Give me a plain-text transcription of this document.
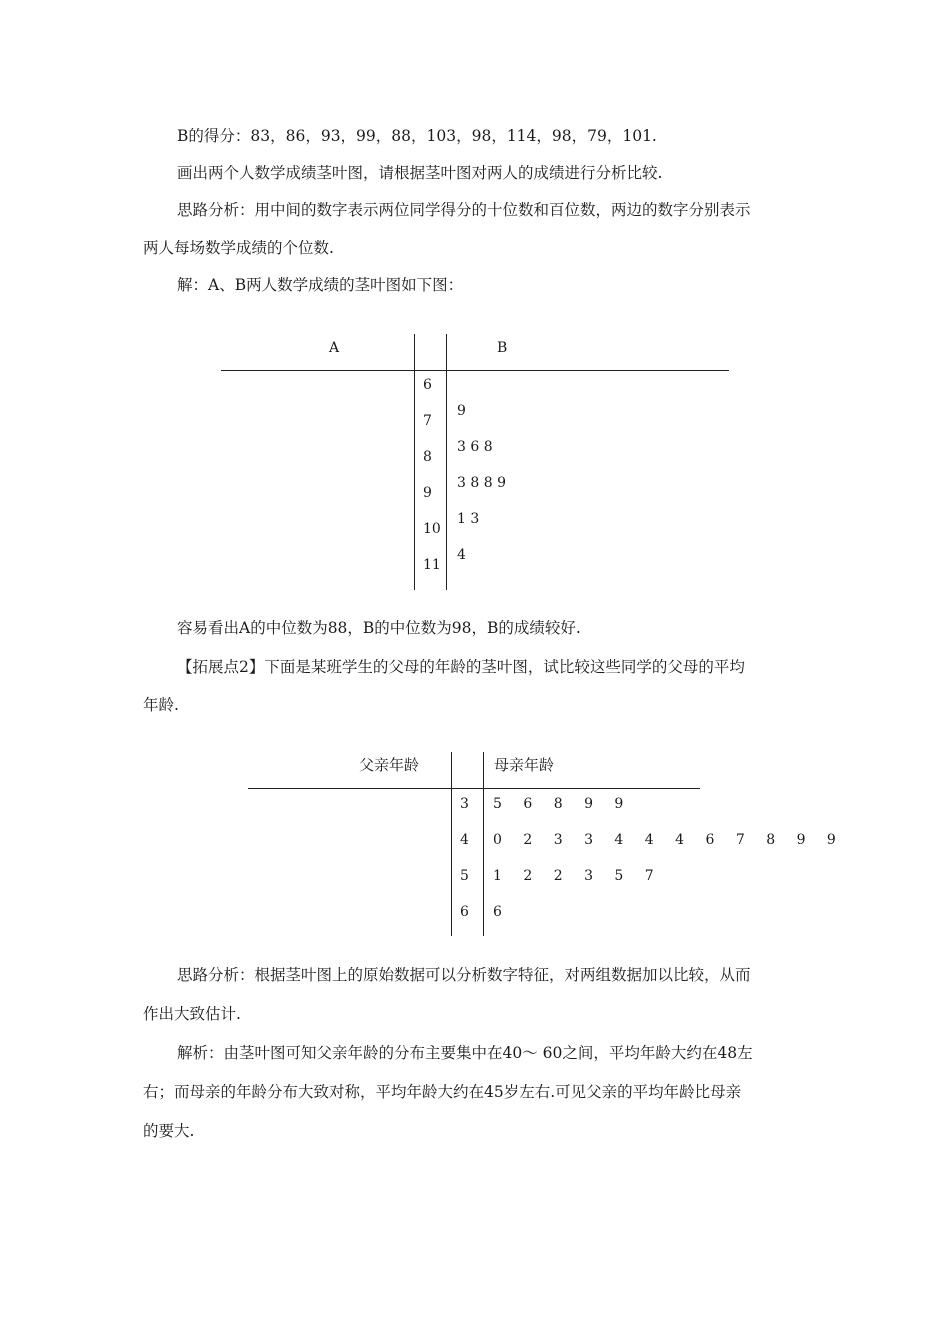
B的得分：83，86，93，99，88，103，98，114，98，79，101.
画出两个人数学成绩茎叶图，请根据茎叶图对两人的成绩进行分析比较.
思路分析：用中间的数字表示两位同学得分的十位数和百位数，两边的数字分别表示
两人每场数学成绩的个位数.
解：A、B两人数学成绩的茎叶图如下图：
A	B
6
7
8
9
10
11
9
3 6 8
3 8 8 9
1 3
4
容易看出A的中位数为88，B的中位数为98，B的成绩较好.
【拓展点2】下面是某班学生的父母的年龄的茎叶图，试比较这些同学的父母的平均
年龄.
父亲年龄	母亲年龄
3
4
5
6
5 6 8 9 9
0 2 3 3 4 4 4 6 7 8 9 9
1 2 2 3 5 7
6
思路分析：根据茎叶图上的原始数据可以分析数字特征，对两组数据加以比较，从而
作出大致估计.
解析：由茎叶图可知父亲年龄的分布主要集中在40～ 60之间，平均年龄大约在48左
右；而母亲的年龄分布大致对称，平均年龄大约在45岁左右.可见父亲的平均年龄比母亲
的要大.
